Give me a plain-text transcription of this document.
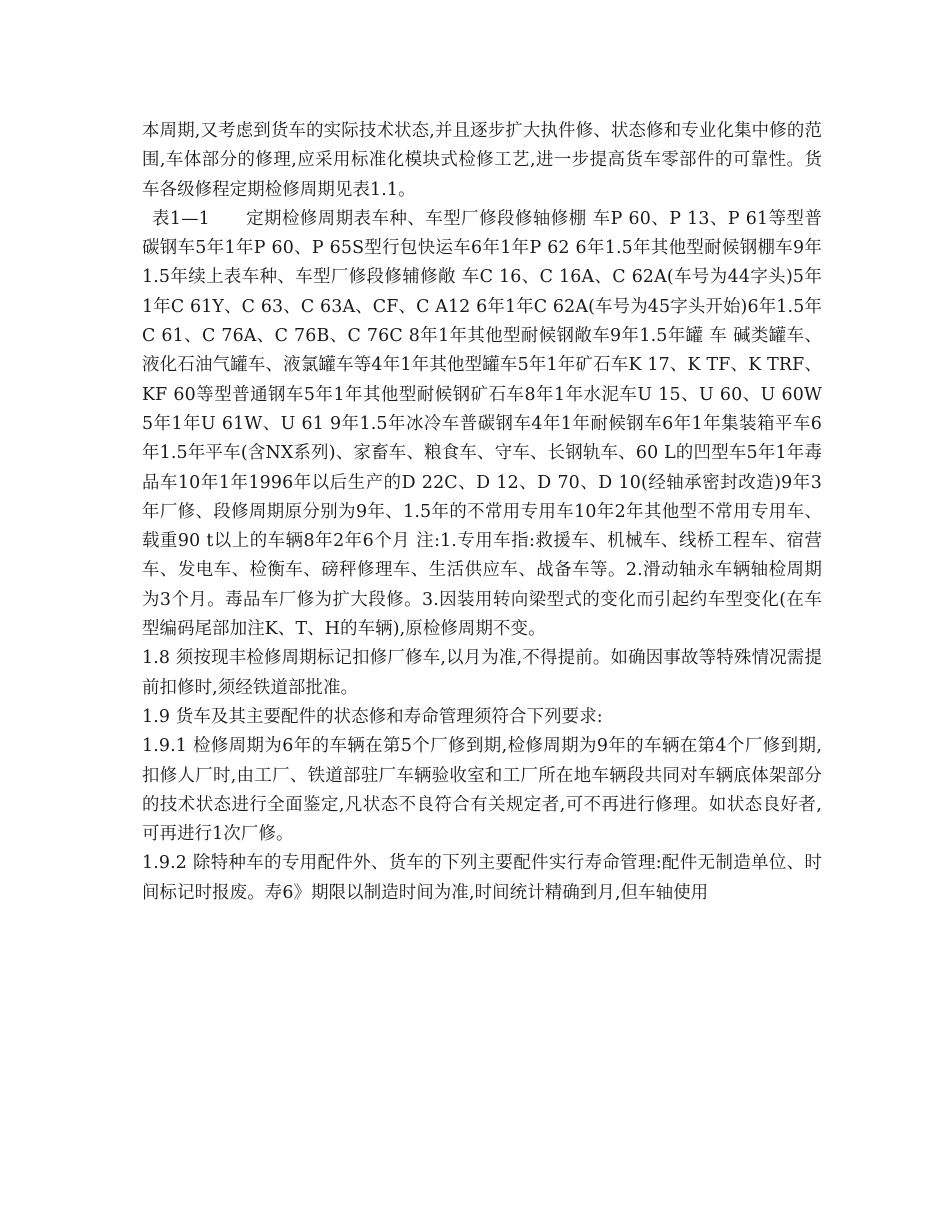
本周期,又考虑到货车的实际技术状态,并且逐步扩大执件修、状态修和专业化集中修的范围,车体部分的修理,应采用标准化模块式检修工艺,进一步提高货车零部件的可靠性。货车各级修程定期检修周期见表1.1。

表1—1　　定期检修周期表车种、车型厂修段修轴修棚 车P 60、P 13、P 61等型普碳钢车5年1年P 60、P 65S型行包快运车6年1年P 62 6年1.5年其他型耐候钢棚车9年1.5年续上表车种、车型厂修段修辅修敞 车C 16、C 16A、C 62A(车号为44字头)5年1年C 61Y、C 63、C 63A、CF、C A12 6年1年C 62A(车号为45字头开始)6年1.5年C 61、C 76A、C 76B、C 76C 8年1年其他型耐候钢敞车9年1.5年罐 车 碱类罐车、液化石油气罐车、液氯罐车等4年1年其他型罐车5年1年矿石车K 17、K TF、K TRF、KF 60等型普通钢车5年1年其他型耐候钢矿石车8年1年水泥车U 15、U 60、U 60W 5年1年U 61W、U 61 9年1.5年冰冷车普碳钢车4年1年耐候钢车6年1年集装箱平车6年1.5年平车(含NX系列)、家畜车、粮食车、守车、长钢轨车、60 L的凹型车5年1年毒品车10年1年1996年以后生产的D 22C、D 12、D 70、D 10(经轴承密封改造)9年3年厂修、段修周期原分别为9年、1.5年的不常用专用车10年2年其他型不常用专用车、载重90 t以上的车辆8年2年6个月 注:1.专用车指:救援车、机械车、线桥工程车、宿营车、发电车、检衡车、磅秤修理车、生活供应车、战备车等。2.滑动轴永车辆轴检周期为3个月。毒品车厂修为扩大段修。3.因装用转向梁型式的变化而引起约车型变化(在车型编码尾部加注K、T、H的车辆),原检修周期不变。

1.8 须按现丰检修周期标记扣修厂修车,以月为准,不得提前。如确因事故等特殊情况需提前扣修时,须经铁道部批准。

1.9 货车及其主要配件的状态修和寿命管理须符合下列要求:

1.9.1 检修周期为6年的车辆在第5个厂修到期,检修周期为9年的车辆在第4个厂修到期,扣修人厂时,由工厂、铁道部驻厂车辆验收室和工厂所在地车辆段共同对车辆底体架部分的技术状态进行全面鉴定,凡状态不良符合有关规定者,可不再进行修理。如状态良好者,可再进行1次厂修。

1.9.2 除特种车的专用配件外、货车的下列主要配件实行寿命管理:配件无制造单位、时间标记时报废。寿6》期限以制造时间为准,时间统计精确到月,但车轴使用
